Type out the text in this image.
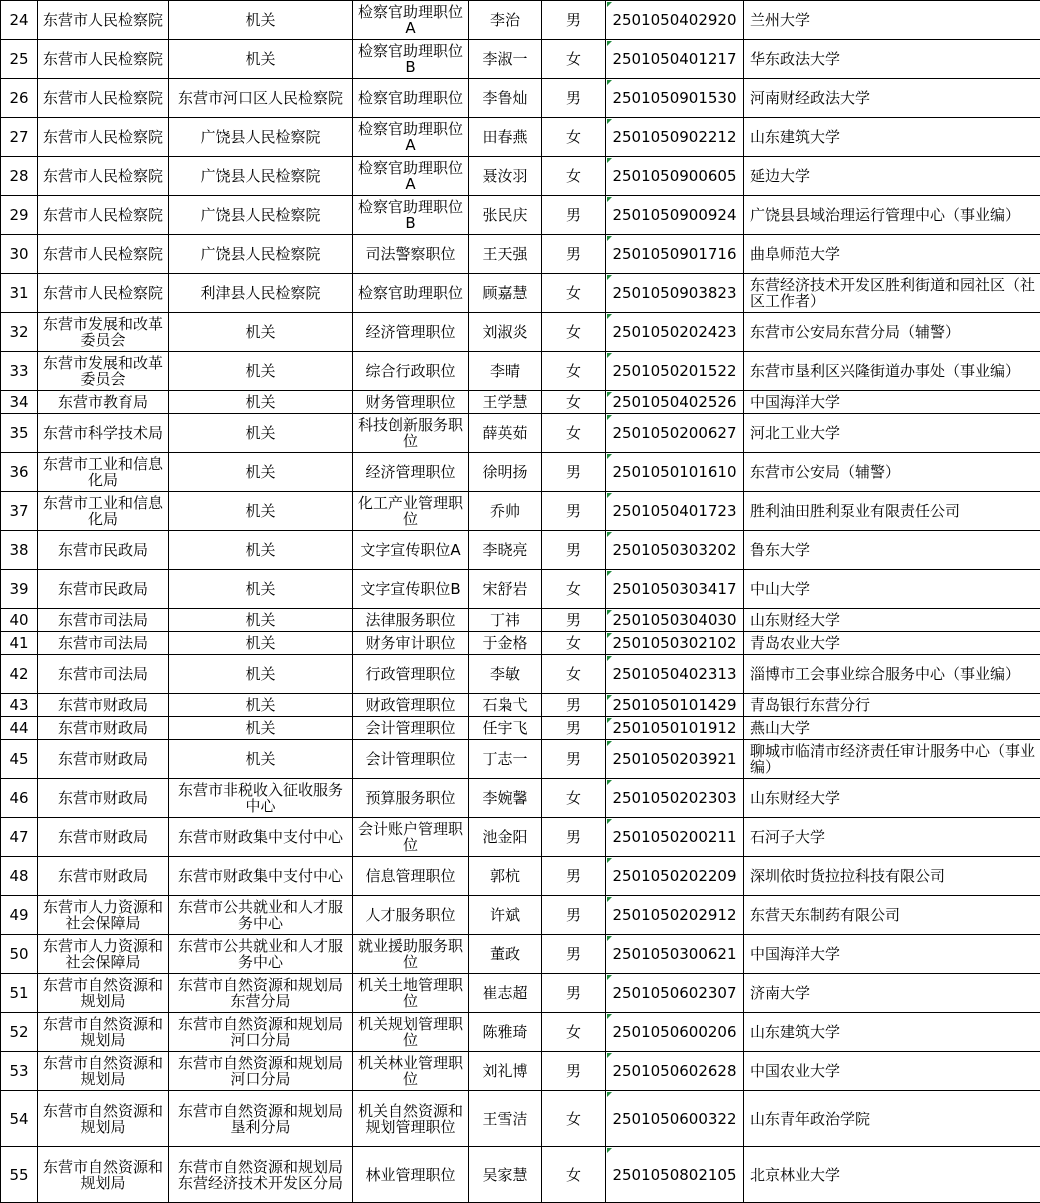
24	东营市人民检察院	机关	检察官助理职位A	李治	男	2501050402920	兰州大学
25	东营市人民检察院	机关	检察官助理职位B	李淑一	女	2501050401217	华东政法大学
26	东营市人民检察院	东营市河口区人民检察院	检察官助理职位	李鲁灿	男	2501050901530	河南财经政法大学
27	东营市人民检察院	广饶县人民检察院	检察官助理职位A	田春燕	女	2501050902212	山东建筑大学
28	东营市人民检察院	广饶县人民检察院	检察官助理职位A	聂汝羽	女	2501050900605	延边大学
29	东营市人民检察院	广饶县人民检察院	检察官助理职位B	张民庆	男	2501050900924	广饶县县域治理运行管理中心（事业编）
30	东营市人民检察院	广饶县人民检察院	司法警察职位	王天强	男	2501050901716	曲阜师范大学
31	东营市人民检察院	利津县人民检察院	检察官助理职位	顾嘉慧	女	2501050903823	东营经济技术开发区胜利街道和园社区（社区工作者）
32	东营市发展和改革委员会	机关	经济管理职位	刘淑炎	女	2501050202423	东营市公安局东营分局（辅警）
33	东营市发展和改革委员会	机关	综合行政职位	李晴	女	2501050201522	东营市垦利区兴隆街道办事处（事业编）
34	东营市教育局	机关	财务管理职位	王学慧	女	2501050402526	中国海洋大学
35	东营市科学技术局	机关	科技创新服务职位	薛英茹	女	2501050200627	河北工业大学
36	东营市工业和信息化局	机关	经济管理职位	徐明扬	男	2501050101610	东营市公安局（辅警）
37	东营市工业和信息化局	机关	化工产业管理职位	乔帅	男	2501050401723	胜利油田胜利泵业有限责任公司
38	东营市民政局	机关	文字宣传职位A	李晓亮	男	2501050303202	鲁东大学
39	东营市民政局	机关	文字宣传职位B	宋舒岩	女	2501050303417	中山大学
40	东营市司法局	机关	法律服务职位	丁祎	男	2501050304030	山东财经大学
41	东营市司法局	机关	财务审计职位	于金格	女	2501050302102	青岛农业大学
42	东营市司法局	机关	行政管理职位	李敏	女	2501050402313	淄博市工会事业综合服务中心（事业编）
43	东营市财政局	机关	财政管理职位	石枭弋	男	2501050101429	青岛银行东营分行
44	东营市财政局	机关	会计管理职位	任宇飞	男	2501050101912	燕山大学
45	东营市财政局	机关	会计管理职位	丁志一	男	2501050203921	聊城市临清市经济责任审计服务中心（事业编）
46	东营市财政局	东营市非税收入征收服务中心	预算服务职位	李婉馨	女	2501050202303	山东财经大学
47	东营市财政局	东营市财政集中支付中心	会计账户管理职位	池金阳	男	2501050200211	石河子大学
48	东营市财政局	东营市财政集中支付中心	信息管理职位	郭杭	男	2501050202209	深圳依时货拉拉科技有限公司
49	东营市人力资源和社会保障局	东营市公共就业和人才服务中心	人才服务职位	许斌	男	2501050202912	东营天东制药有限公司
50	东营市人力资源和社会保障局	东营市公共就业和人才服务中心	就业援助服务职位	董政	男	2501050300621	中国海洋大学
51	东营市自然资源和规划局	东营市自然资源和规划局东营分局	机关土地管理职位	崔志超	男	2501050602307	济南大学
52	东营市自然资源和规划局	东营市自然资源和规划局河口分局	机关规划管理职位	陈雅琦	女	2501050600206	山东建筑大学
53	东营市自然资源和规划局	东营市自然资源和规划局河口分局	机关林业管理职位	刘礼博	男	2501050602628	中国农业大学
54	东营市自然资源和规划局	东营市自然资源和规划局垦利分局	机关自然资源和规划管理职位	王雪洁	女	2501050600322	山东青年政治学院
55	东营市自然资源和规划局	东营市自然资源和规划局东营经济技术开发区分局	林业管理职位	吴家慧	女	2501050802105	北京林业大学
